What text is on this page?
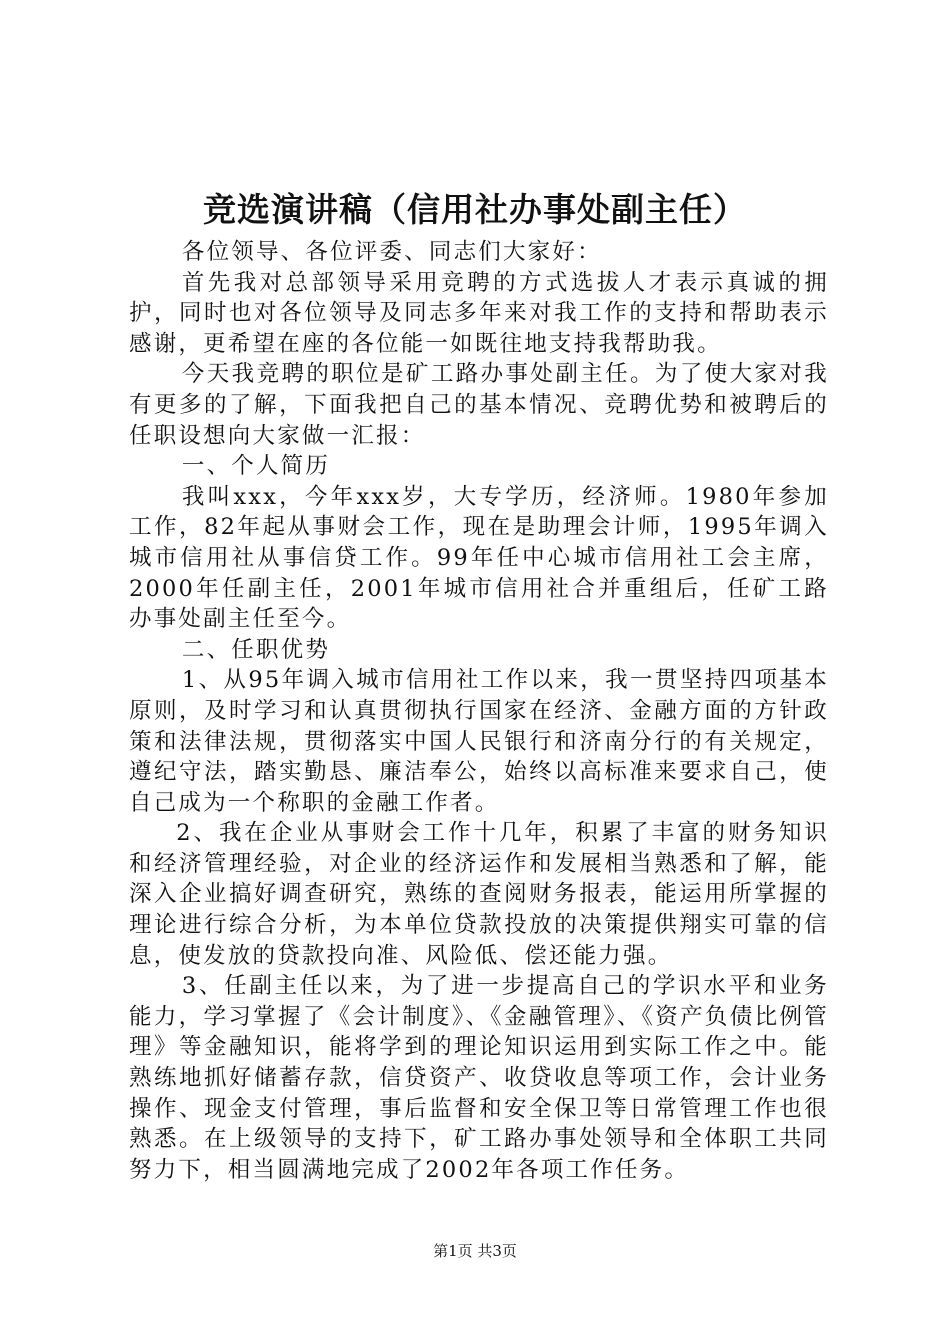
竞选演讲稿（信用社办事处副主任）

各位领导、各位评委、同志们大家好：

首先我对总部领导采用竞聘的方式选拔人才表示真诚的拥护，同时也对各位领导及同志多年来对我工作的支持和帮助表示感谢，更希望在座的各位能一如既往地支持我帮助我。

今天我竞聘的职位是矿工路办事处副主任。为了使大家对我有更多的了解，下面我把自己的基本情况、竞聘优势和被聘后的任职设想向大家做一汇报：

一、个人简历

我叫xxx，今年xxx岁，大专学历，经济师。1980年参加工作，82年起从事财会工作，现在是助理会计师，1995年调入城市信用社从事信贷工作。99年任中心城市信用社工会主席，2000年任副主任，2001年城市信用社合并重组后，任矿工路办事处副主任至今。

二、任职优势

1、从95年调入城市信用社工作以来，我一贯坚持四项基本原则，及时学习和认真贯彻执行国家在经济、金融方面的方针政策和法律法规，贯彻落实中国人民银行和济南分行的有关规定，遵纪守法，踏实勤恳、廉洁奉公，始终以高标准来要求自己，使自己成为一个称职的金融工作者。

2、我在企业从事财会工作十几年，积累了丰富的财务知识和经济管理经验，对企业的经济运作和发展相当熟悉和了解，能深入企业搞好调查研究，熟练的查阅财务报表，能运用所掌握的理论进行综合分析，为本单位贷款投放的决策提供翔实可靠的信息，使发放的贷款投向准、风险低、偿还能力强。

3、任副主任以来，为了进一步提高自己的学识水平和业务能力，学习掌握了《会计制度》、《金融管理》、《资产负债比例管理》等金融知识，能将学到的理论知识运用到实际工作之中。能熟练地抓好储蓄存款，信贷资产、收贷收息等项工作，会计业务操作、现金支付管理，事后监督和安全保卫等日常管理工作也很熟悉。在上级领导的支持下，矿工路办事处领导和全体职工共同努力下，相当圆满地完成了2002年各项工作任务。

第1页 共3页
